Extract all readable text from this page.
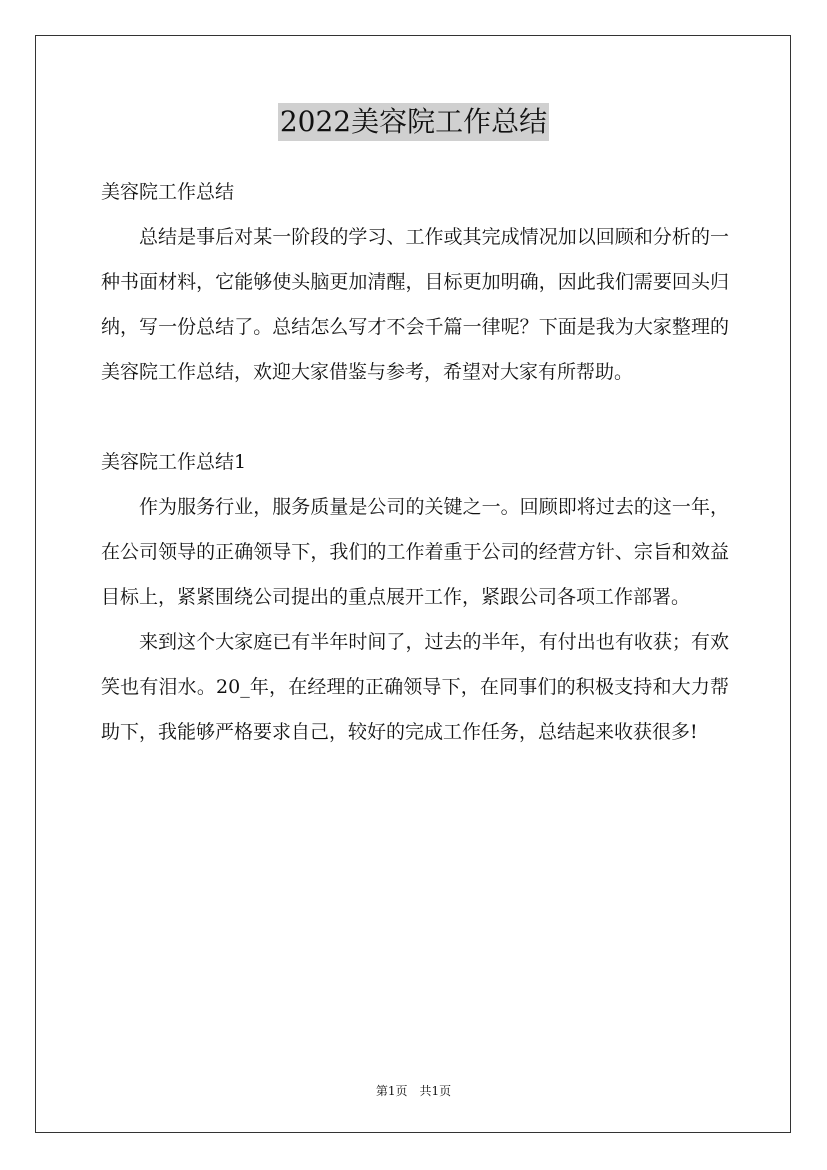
2022美容院工作总结

美容院工作总结

总结是事后对某一阶段的学习、工作或其完成情况加以回顾和分析的一种书面材料，它能够使头脑更加清醒，目标更加明确，因此我们需要回头归纳，写一份总结了。总结怎么写才不会千篇一律呢？下面是我为大家整理的美容院工作总结，欢迎大家借鉴与参考，希望对大家有所帮助。

美容院工作总结1

作为服务行业，服务质量是公司的关键之一。回顾即将过去的这一年，在公司领导的正确领导下，我们的工作着重于公司的经营方针、宗旨和效益目标上，紧紧围绕公司提出的重点展开工作，紧跟公司各项工作部署。

来到这个大家庭已有半年时间了，过去的半年，有付出也有收获；有欢笑也有泪水。20_年，在经理的正确领导下，在同事们的积极支持和大力帮助下，我能够严格要求自己，较好的完成工作任务，总结起来收获很多!

第1页　共1页
